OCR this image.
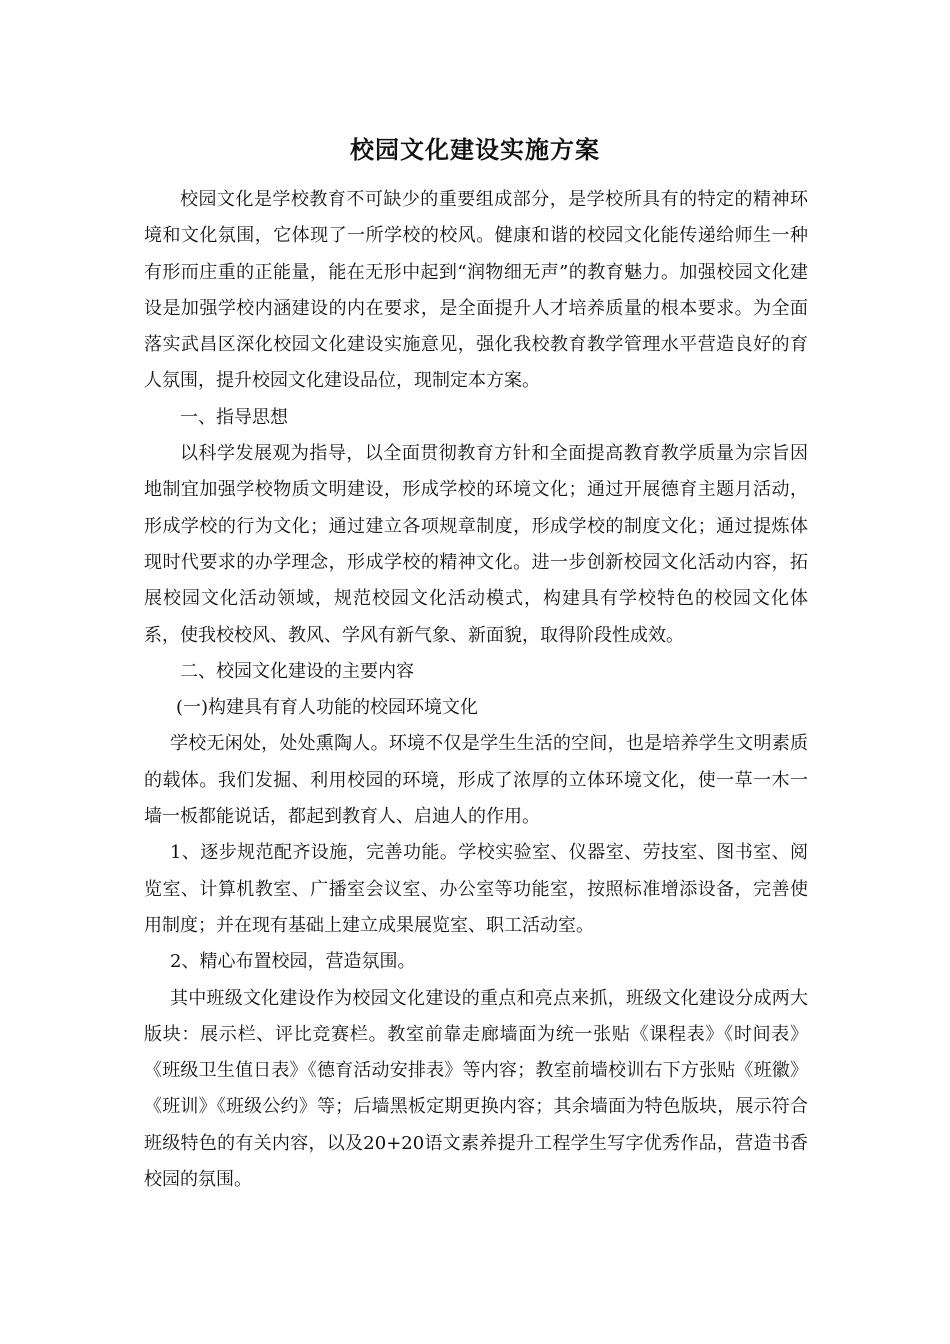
校园文化建设实施方案

校园文化是学校教育不可缺少的重要组成部分，是学校所具有的特定的精神环境和文化氛围，它体现了一所学校的校风。健康和谐的校园文化能传递给师生一种有形而庄重的正能量，能在无形中起到“润物细无声”的教育魅力。加强校园文化建设是加强学校内涵建设的内在要求，是全面提升人才培养质量的根本要求。为全面落实武昌区深化校园文化建设实施意见，强化我校教育教学管理水平营造良好的育人氛围，提升校园文化建设品位，现制定本方案。

一、指导思想

以科学发展观为指导，以全面贯彻教育方针和全面提高教育教学质量为宗旨因地制宜加强学校物质文明建设，形成学校的环境文化；通过开展德育主题月活动，形成学校的行为文化；通过建立各项规章制度，形成学校的制度文化；通过提炼体现时代要求的办学理念，形成学校的精神文化。进一步创新校园文化活动内容，拓展校园文化活动领域，规范校园文化活动模式，构建具有学校特色的校园文化体系，使我校校风、教风、学风有新气象、新面貌，取得阶段性成效。

二、校园文化建设的主要内容

(一)构建具有育人功能的校园环境文化

学校无闲处，处处熏陶人。环境不仅是学生生活的空间，也是培养学生文明素质的载体。我们发掘、利用校园的环境，形成了浓厚的立体环境文化，使一草一木一墙一板都能说话，都起到教育人、启迪人的作用。

1、逐步规范配齐设施，完善功能。学校实验室、仪器室、劳技室、图书室、阅览室、计算机教室、广播室会议室、办公室等功能室，按照标准增添设备，完善使用制度；并在现有基础上建立成果展览室、职工活动室。

2、精心布置校园，营造氛围。

其中班级文化建设作为校园文化建设的重点和亮点来抓，班级文化建设分成两大版块：展示栏、评比竞赛栏。教室前靠走廊墙面为统一张贴《课程表》《时间表》《班级卫生值日表》《德育活动安排表》等内容；教室前墙校训右下方张贴《班徽》《班训》《班级公约》等；后墙黑板定期更换内容；其余墙面为特色版块，展示符合班级特色的有关内容，以及20+20语文素养提升工程学生写字优秀作品，营造书香校园的氛围。
